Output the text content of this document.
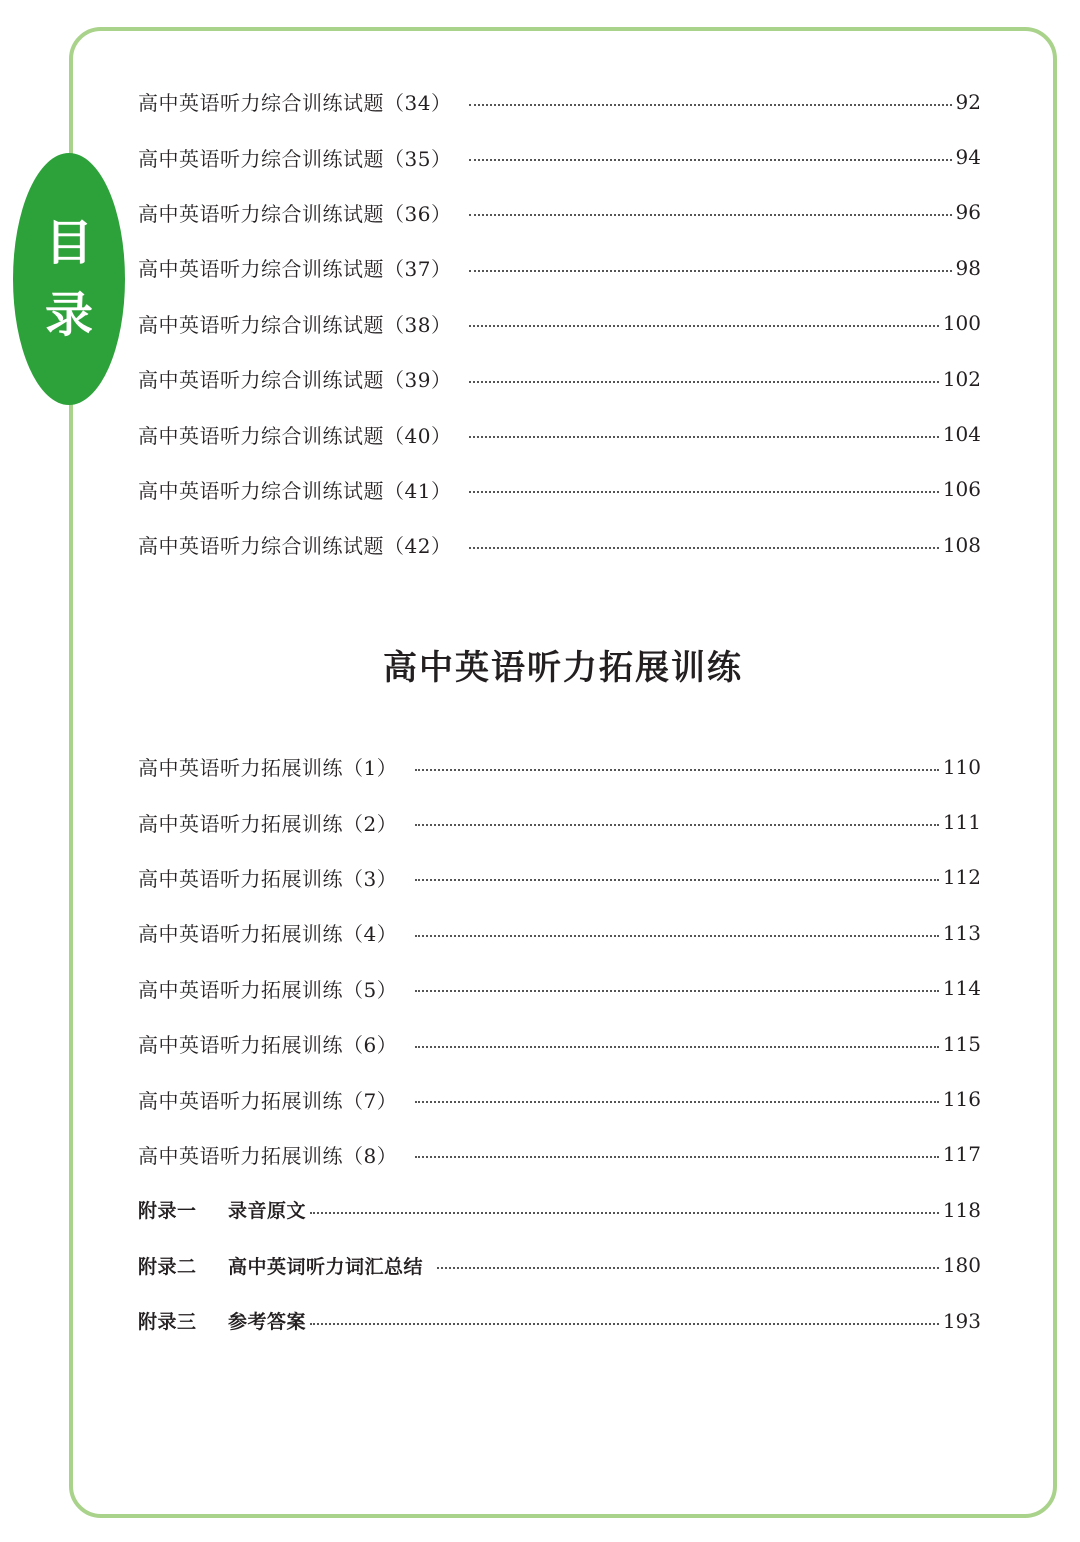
目
录
高中英语听力综合训练试题（34）	92
高中英语听力综合训练试题（35）	94
高中英语听力综合训练试题（36）	96
高中英语听力综合训练试题（37）	98
高中英语听力综合训练试题（38）	100
高中英语听力综合训练试题（39）	102
高中英语听力综合训练试题（40）	104
高中英语听力综合训练试题（41）	106
高中英语听力综合训练试题（42）	108
高中英语听力拓展训练
高中英语听力拓展训练（1）	110
高中英语听力拓展训练（2）	111
高中英语听力拓展训练（3）	112
高中英语听力拓展训练（4）	113
高中英语听力拓展训练（5）	114
高中英语听力拓展训练（6）	115
高中英语听力拓展训练（7）	116
高中英语听力拓展训练（8）	117
附录一 录音原文	118
附录二 高中英词听力词汇总结	180
附录三 参考答案	193
